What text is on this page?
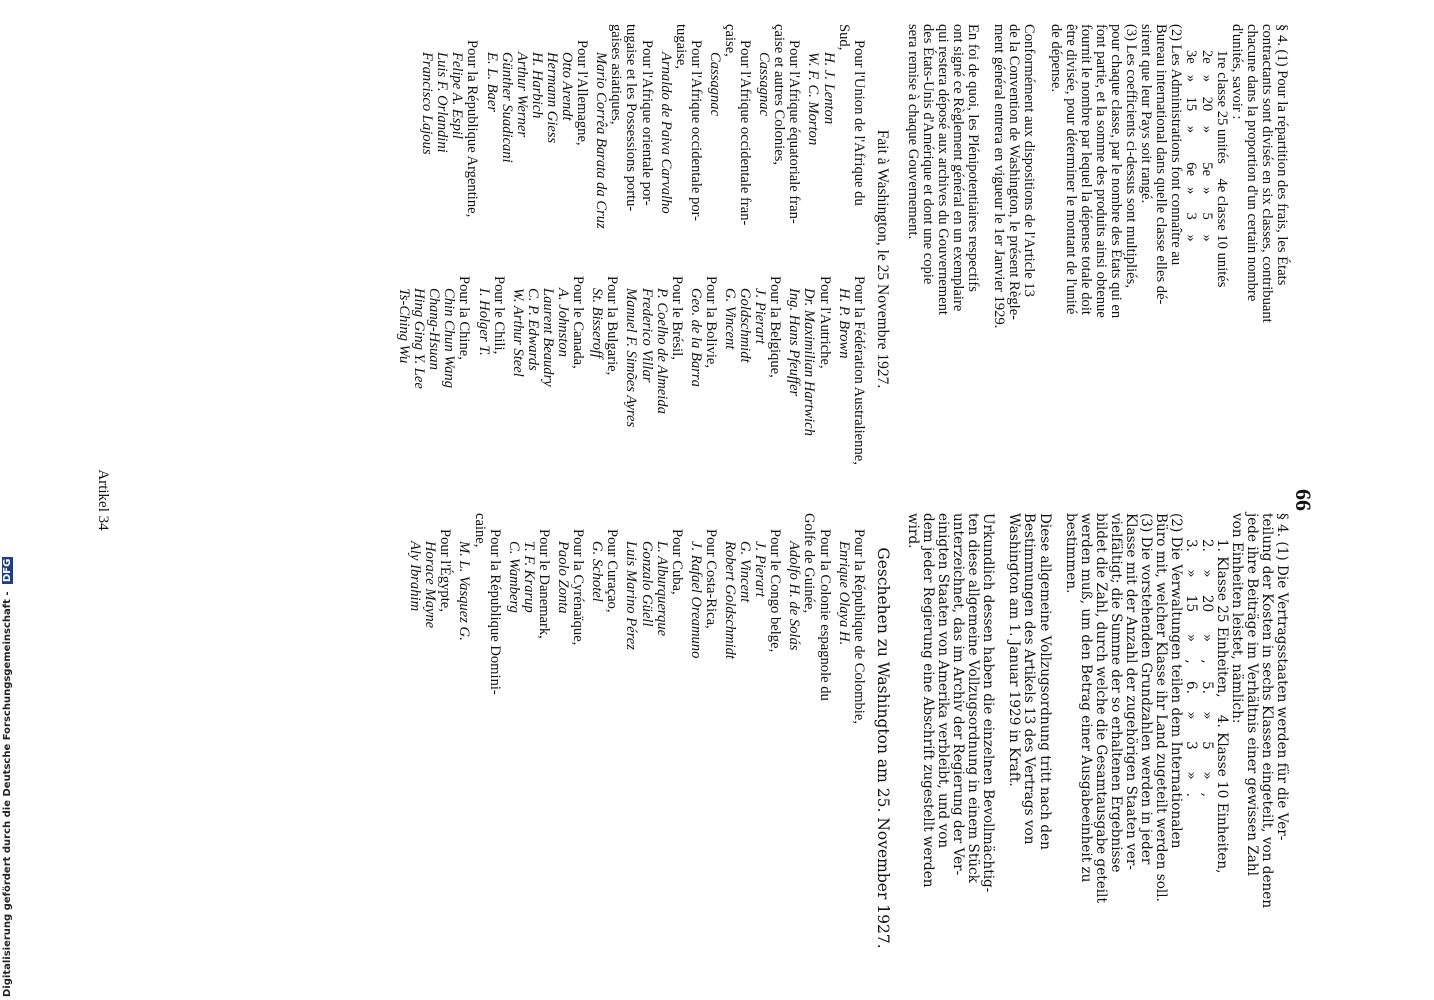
66
§ 4. (1) Pour la répartition des frais, les États
contractants sont divisés en six classes, contribuant
chacune dans la proportion d'un certain nombre
d'unités, savoir :
1re classe 25 unités    4e classe 10 unités
2e   »    20    »        5e   »     5    »
3e   »    15    »        6e   »     3    »
(2) Les Administrations font connaître au
Bureau international dans quelle classe elles dé-
sirent que leur Pays soit rangé.
(3) Les coefficients ci-dessus sont multipliés,
pour chaque classe, par le nombre des États qui en
font partie, et la somme des produits ainsi obtenue
fournit le nombre par lequel la dépense totale doit
être divisée, pour déterminer le montant de l'unité
de dépense.
Conformément aux dispositions de l'Article 13
de la Convention de Washington, le présent Règle-
ment général entrera en vigueur le 1er Janvier 1929.
En foi de quoi, les Plénipotentiaires respectifs
ont signé ce Règlement général en un exemplaire
qui restera déposé aux archives du Gouvernement
des États-Unis d'Amérique et dont une copie
sera remise à chaque Gouvernement.
Fait à Washington, le 25 Novembre 1927.
Pour l'Union de l'Afrique du
Sud,
H. J. Lenton
W. F. C. Morton
Pour l'Afrique équatoriale fran-
çaise et autres Colonies,
Cassagnac
Pour l'Afrique occidentale fran-
çaise,
Cassagnac
Pour l'Afrique occidentale por-
tugaise,
Arnaldo de Paiva Carvalho
Pour l'Afrique orientale por-
tugaise et les Possessions portu-
gaises asiatiques,
Mario Corrêa Barata da Cruz
Pour l'Allemagne,
Otto Arendt
Hermann Giess
H. Harbich
Arthur Werner
Günther Suadicani
E. L. Baer
Pour la République Argentine,
Felipe A. Espil
Luis F. Orlandini
Francisco Lajous
Pour la Fédération Australienne,
H. P. Brown
Pour l'Autriche,
Dr. Maximilian Hartwich
Ing. Hans Pfeuffer
Pour la Belgique,
J. Pierart
Goldschmidt
G. Vincent
Pour la Bolivie,
Geo. de la Barra
Pour le Brésil,
P. Coelho de Almeida
Frederico Villar
Manuel F. Simões Ayres
Pour la Bulgarie,
St. Bisseroff
Pour le Canada,
A. Johnston
Laurent Beaudry
C. P. Edwards
W. Arthur Steel
Pour le Chili,
I. Holger T.
Pour la Chine,
Chin Chun Wang
Chang-Hsuan
Hing Ging Y. Lee
Ts-Ching Wu
§ 4. (1) Die Vertragsstaaten werden für die Ver-
teilung der Kosten in sechs Klassen eingeteilt, von denen
jede ihre Beiträge im Verhältnis einer gewissen Zahl
von Einheiten leistet, nämlich:
1. Klasse 25 Einheiten,    4. Klasse 10 Einheiten,
2.    »    20     »    ,    5.    »     5     »   ,
3.    »    15     »    ,    6.    »     3     »   .
(2) Die Verwaltungen teilen dem Internationalen
Büro mit, welcher Klasse ihr Land zugeteilt werden soll.
(3) Die vorstehenden Grundzahlen werden in jeder
Klasse mit der Anzahl der zugehörigen Staaten ver-
vielfältigt; die Summe der so erhaltenen Ergebnisse
bildet die Zahl, durch welche die Gesamtausgabe geteilt
werden muß, um den Betrag einer Ausgabeeinheit zu
bestimmen.
Diese allgemeine Vollzugsordnung tritt nach den
Bestimmungen des Artikels 13 des Vertrags von
Washington am 1. Januar 1929 in Kraft.
Urkundlich dessen haben die einzelnen Bevollmächtig-
ten diese allgemeine Vollzugsordnung in einem Stück
unterzeichnet, das im Archiv der Regierung der Ver-
einigten Staaten von Amerika verbleibt, und von
dem jeder Regierung eine Abschrift zugestellt werden
wird.
Geschehen zu Washington am 25. November 1927.
Pour la République de Colombie,
Enrique Olaya H.
Pour la Colonie espagnole du
Golfe de Guinée,
Adolfo H. de Solás
Pour le Congo belge,
J. Pierart
G. Vincent
Robert Goldschmidt
Pour Costa-Rica,
J. Rafael Oreamuno
Pour Cuba,
L. Alburquerque
Gonzalo Güell
Luis Marino Pérez
Pour Curaçao,
G. Schotel
Pour la Cyrénaïque,
Paolo Zonta
Pour le Danemark,
T. F. Krarup
C. Wamberg
Pour la République Domini-
caine,
M. L. Vasquez G.
Pour l'Égypte,
Horace Mayne
Aly Ibrahim
Artikel 34
Digitalisierung gefördert durch die Deutsche Forschungsgemeinschaft - DFG
